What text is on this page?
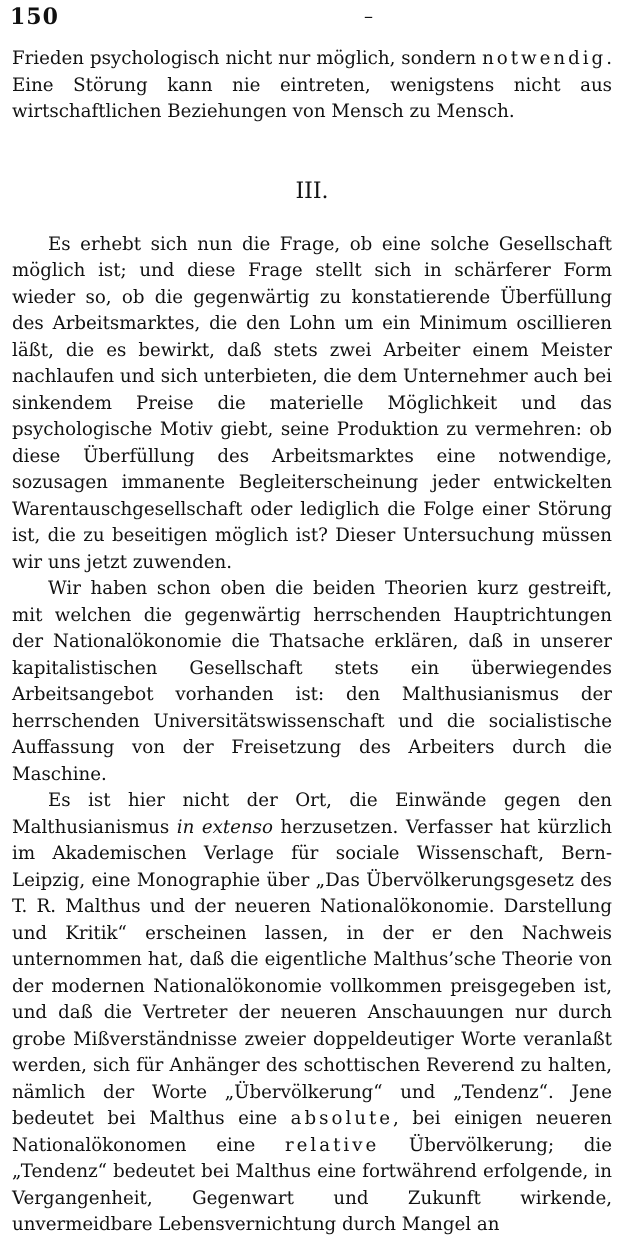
150	–

Frieden psychologisch nicht nur möglich, sondern notwendig. Eine Störung kann nie eintreten, wenigstens nicht aus wirtschaftlichen Beziehungen von Mensch zu Mensch.

III.

Es erhebt sich nun die Frage, ob eine solche Gesellschaft möglich ist; und diese Frage stellt sich in schärferer Form wieder so, ob die gegenwärtig zu konstatierende Überfüllung des Arbeitsmarktes, die den Lohn um ein Minimum oscillieren läßt, die es bewirkt, daß stets zwei Arbeiter einem Meister nachlaufen und sich unterbieten, die dem Unternehmer auch bei sinkendem Preise die materielle Möglichkeit und das psychologische Motiv giebt, seine Produktion zu vermehren: ob diese Überfüllung des Arbeitsmarktes eine notwendige, sozusagen immanente Begleiterscheinung jeder entwickelten Warentauschgesellschaft oder lediglich die Folge einer Störung ist, die zu beseitigen möglich ist? Dieser Untersuchung müssen wir uns jetzt zuwenden.

Wir haben schon oben die beiden Theorien kurz gestreift, mit welchen die gegenwärtig herrschenden Hauptrichtungen der Nationalökonomie die Thatsache erklären, daß in unserer kapitalistischen Gesellschaft stets ein überwiegendes Arbeitsangebot vorhanden ist: den Malthusianismus der herrschenden Universitätswissenschaft und die socialistische Auffassung von der Freisetzung des Arbeiters durch die Maschine.

Es ist hier nicht der Ort, die Einwände gegen den Malthusianismus in extenso herzusetzen. Verfasser hat kürzlich im Akademischen Verlage für sociale Wissenschaft, Bern-Leipzig, eine Monographie über „Das Übervölkerungsgesetz des T. R. Malthus und der neueren Nationalökonomie. Darstellung und Kritik“ erscheinen lassen, in der er den Nachweis unternommen hat, daß die eigentliche Malthus’sche Theorie von der modernen Nationalökonomie vollkommen preisgegeben ist, und daß die Vertreter der neueren Anschauungen nur durch grobe Mißverständnisse zweier doppeldeutiger Worte veranlaßt werden, sich für Anhänger des schottischen Reverend zu halten, nämlich der Worte „Übervölkerung“ und „Tendenz“. Jene bedeutet bei Malthus eine absolute, bei einigen neueren Nationalökonomen eine relative Übervölkerung; die „Tendenz“ bedeutet bei Malthus eine fortwährend erfolgende, in Vergangenheit, Gegenwart und Zukunft wirkende, unvermeidbare Lebensvernichtung durch Mangel an
